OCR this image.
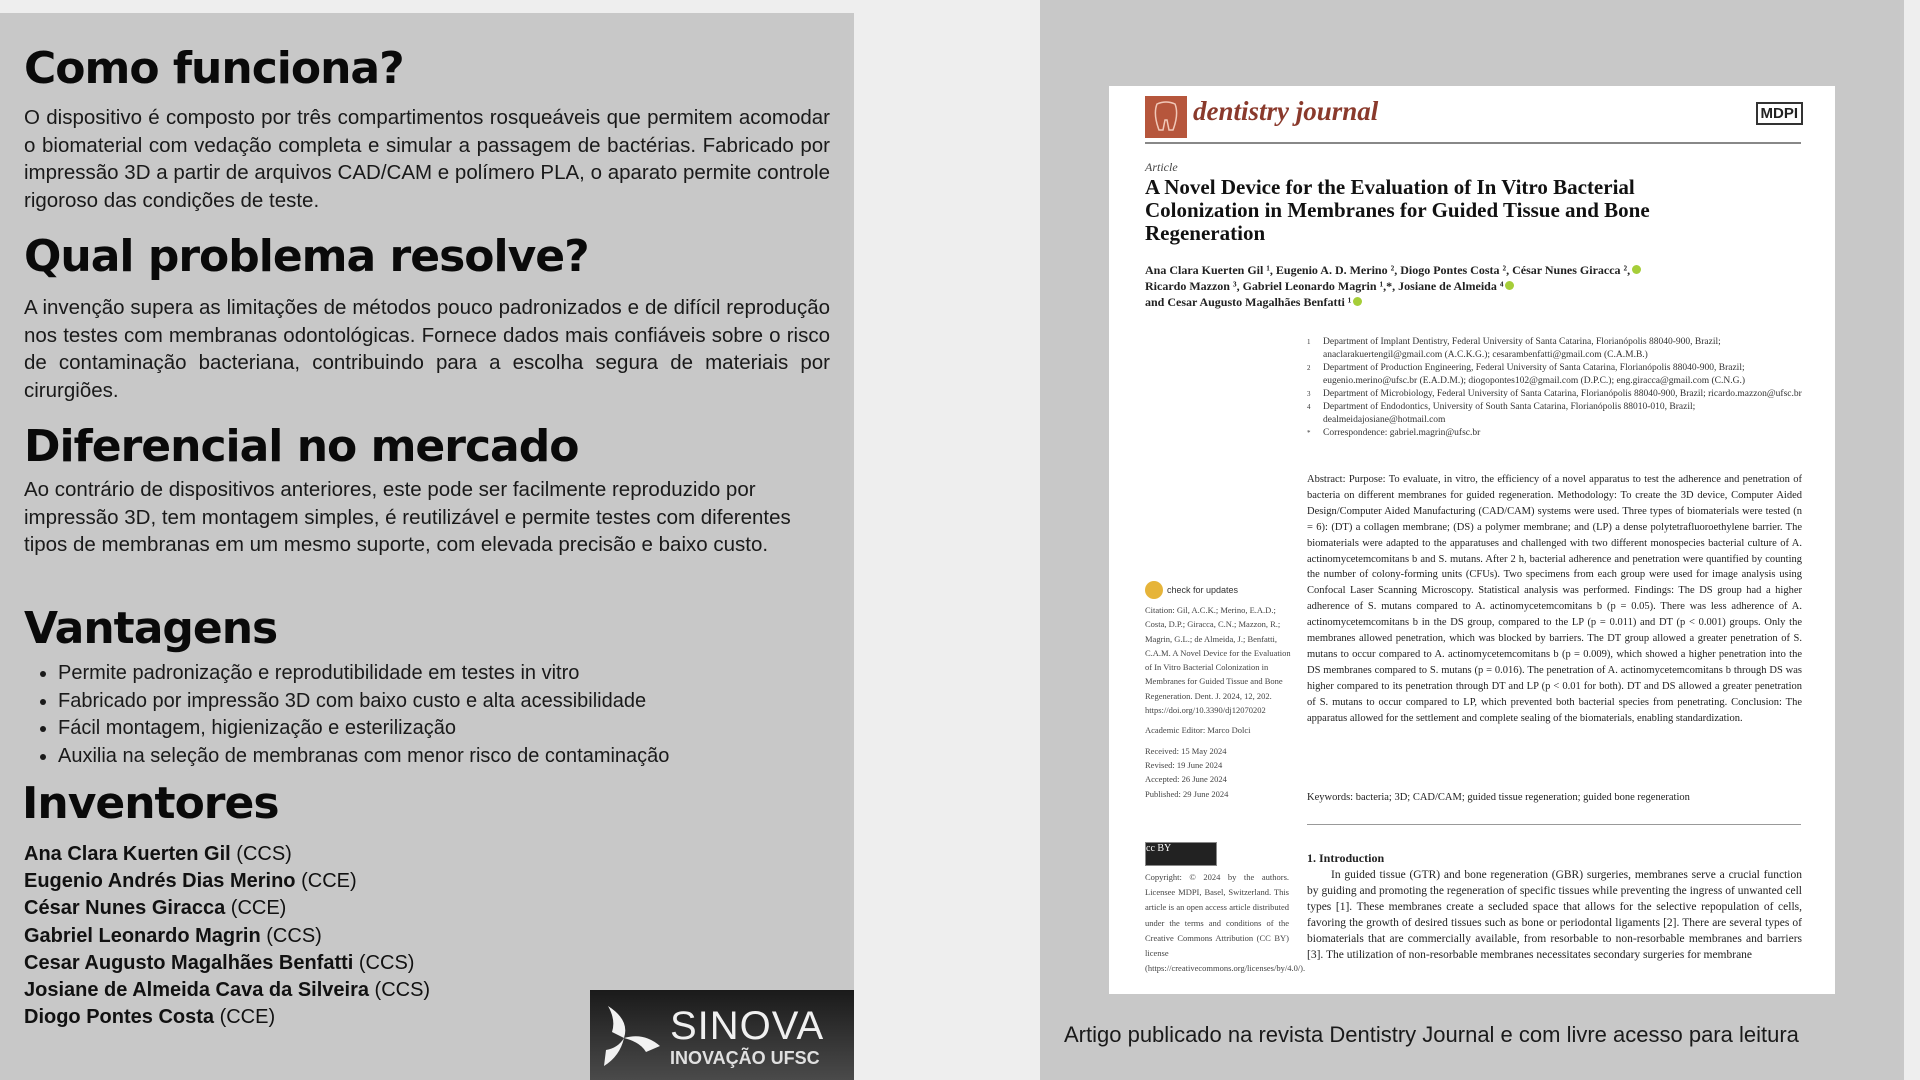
Como funciona?

O dispositivo é composto por três compartimentos rosqueáveis que permitem acomodar o biomaterial com vedação completa e simular a passagem de bactérias. Fabricado por impressão 3D a partir de arquivos CAD/CAM e polímero PLA, o aparato permite controle rigoroso das condições de teste.

Qual problema resolve?

A invenção supera as limitações de métodos pouco padronizados e de difícil reprodução nos testes com membranas odontológicas. Fornece dados mais confiáveis sobre o risco de contaminação bacteriana, contribuindo para a escolha segura de materiais por cirurgiões.

Diferencial no mercado

Ao contrário de dispositivos anteriores, este pode ser facilmente reproduzido por impressão 3D, tem montagem simples, é reutilizável e permite testes com diferentes tipos de membranas em um mesmo suporte, com elevada precisão e baixo custo.

Vantagens
• Permite padronização e reprodutibilidade em testes in vitro
• Fabricado por impressão 3D com baixo custo e alta acessibilidade
• Fácil montagem, higienização e esterilização
• Auxilia na seleção de membranas com menor risco de contaminação
Inventores
Ana Clara Kuerten Gil (CCS)
Eugenio Andrés Dias Merino (CCE)
César Nunes Giracca (CCE)
Gabriel Leonardo Magrin (CCS)
Cesar Augusto Magalhães Benfatti (CCS)
Josiane de Almeida Cava da Silveira (CCS)
Diogo Pontes Costa (CCE)	SINOVA
INOVAÇÃO UFSC
dentistry journal	MDPI
Article
A Novel Device for the Evaluation of In Vitro Bacterial Colonization in Membranes for Guided Tissue and Bone Regeneration
Ana Clara Kuerten Gil ¹, Eugenio A. D. Merino ², Diogo Pontes Costa ², César Nunes Giracca ²,
Ricardo Mazzon ³, Gabriel Leonardo Magrin ¹,*, Josiane de Almeida ⁴
and Cesar Augusto Magalhães Benfatti ¹
1	Department of Implant Dentistry, Federal University of Santa Catarina, Florianópolis 88040-900, Brazil; anaclarakuertengil@gmail.com (A.C.K.G.); cesarambenfatti@gmail.com (C.A.M.B.)
2	Department of Production Engineering, Federal University of Santa Catarina, Florianópolis 88040-900, Brazil; eugenio.merino@ufsc.br (E.A.D.M.); diogopontes102@gmail.com (D.P.C.); eng.giracca@gmail.com (C.N.G.)
3	Department of Microbiology, Federal University of Santa Catarina, Florianópolis 88040-900, Brazil; ricardo.mazzon@ufsc.br
4	Department of Endodontics, University of South Santa Catarina, Florianópolis 88010-010, Brazil; dealmeidajosiane@hotmail.com
*	Correspondence: gabriel.magrin@ufsc.br
Abstract: Purpose: To evaluate, in vitro, the efficiency of a novel apparatus to test the adherence and penetration of bacteria on different membranes for guided regeneration. Methodology: To create the 3D device, Computer Aided Design/Computer Aided Manufacturing (CAD/CAM) systems were used. Three types of biomaterials were tested (n = 6): (DT) a collagen membrane; (DS) a polymer membrane; and (LP) a dense polytetrafluoroethylene barrier. The biomaterials were adapted to the apparatuses and challenged with two different monospecies bacterial culture of A. actinomycetemcomitans b and S. mutans. After 2 h, bacterial adherence and penetration were quantified by counting the number of colony-forming units (CFUs). Two specimens from each group were used for image analysis using Confocal Laser Scanning Microscopy. Statistical analysis was performed. Findings: The DS group had a higher adherence of S. mutans compared to A. actinomycetemcomitans b (p = 0.05). There was less adherence of A. actinomycetemcomitans b in the DS group, compared to the LP (p = 0.011) and DT (p < 0.001) groups. Only the membranes allowed penetration, which was blocked by barriers. The DT group allowed a greater penetration of S. mutans to occur compared to A. actinomycetemcomitans b (p = 0.009), which showed a higher penetration into the DS membranes compared to S. mutans (p = 0.016). The penetration of A. actinomycetemcomitans b through DS was higher compared to its penetration through DT and LP (p < 0.01 for both). DT and DS allowed a greater penetration of S. mutans to occur compared to LP, which prevented both bacterial species from penetrating. Conclusion: The apparatus allowed for the settlement and complete sealing of the biomaterials, enabling standardization.
Keywords: bacteria; 3D; CAD/CAM; guided tissue regeneration; guided bone regeneration
check for updates
Citation: Gil, A.C.K.; Merino, E.A.D.; Costa, D.P.; Giracca, C.N.; Mazzon, R.; Magrin, G.L.; de Almeida, J.; Benfatti, C.A.M. A Novel Device for the Evaluation of In Vitro Bacterial Colonization in Membranes for Guided Tissue and Bone Regeneration. Dent. J. 2024, 12, 202. https://doi.org/10.3390/dj12070202
Academic Editor: Marco Dolci
Received: 15 May 2024
Revised: 19 June 2024
Accepted: 26 June 2024
Published: 29 June 2024
cc BY
Copyright: © 2024 by the authors. Licensee MDPI, Basel, Switzerland. This article is an open access article distributed under the terms and conditions of the Creative Commons Attribution (CC BY) license (https://creativecommons.org/licenses/by/4.0/).
1. Introduction
In guided tissue (GTR) and bone regeneration (GBR) surgeries, membranes serve a crucial function by guiding and promoting the regeneration of specific tissues while preventing the ingress of unwanted cell types [1]. These membranes create a secluded space that allows for the selective repopulation of cells, favoring the growth of desired tissues such as bone or periodontal ligaments [2]. There are several types of biomaterials that are commercially available, from resorbable to non-resorbable membranes and barriers [3]. The utilization of non-resorbable membranes necessitates secondary surgeries for membrane
Artigo publicado na revista Dentistry Journal e com livre acesso para leitura
